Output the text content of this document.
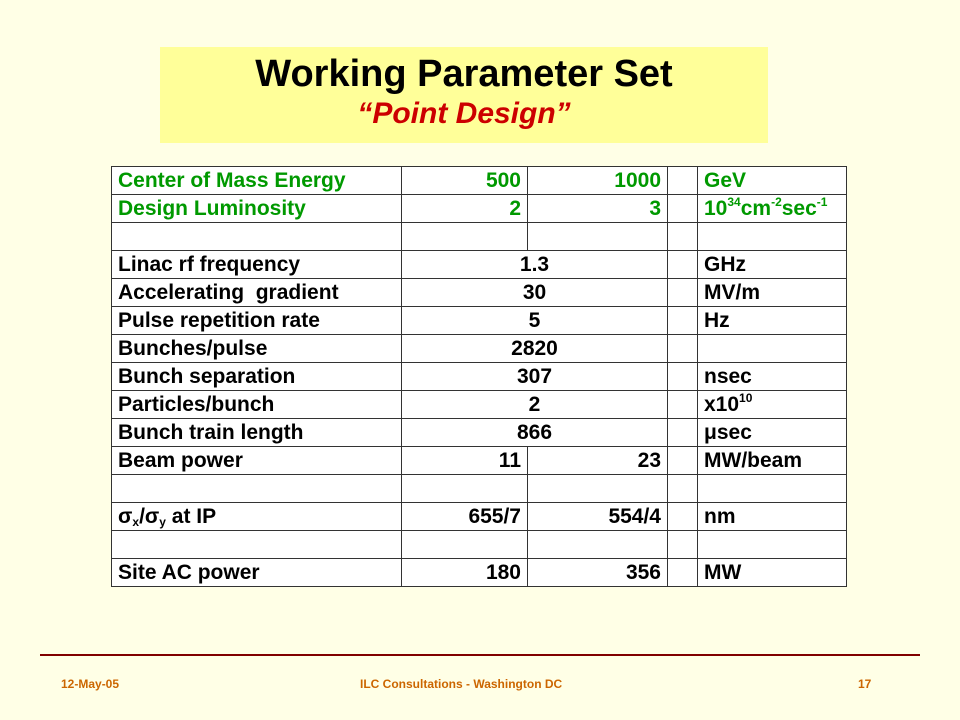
Working Parameter Set
“Point Design”
Center of Mass Energy	500	1000		GeV
Design Luminosity	2	3		$10^{34}cm^{-2}\sec^{-1}$

Linac rf frequency	1.3			GHz
Accelerating  gradient	30			MV/m
Pulse repetition rate	5			Hz
Bunches/pulse	2820			
Bunch separation	307			nsec
Particles/bunch	2			$x10^{10}$
Bunch train length	866			μsec
Beam power	11	23		MW/beam

$\sigma_x/\sigma_y$ at IP	655/7	554/4		nm

Site AC power	180	356		MW
12-May-05	ILC Consultations - Washington DC	17
